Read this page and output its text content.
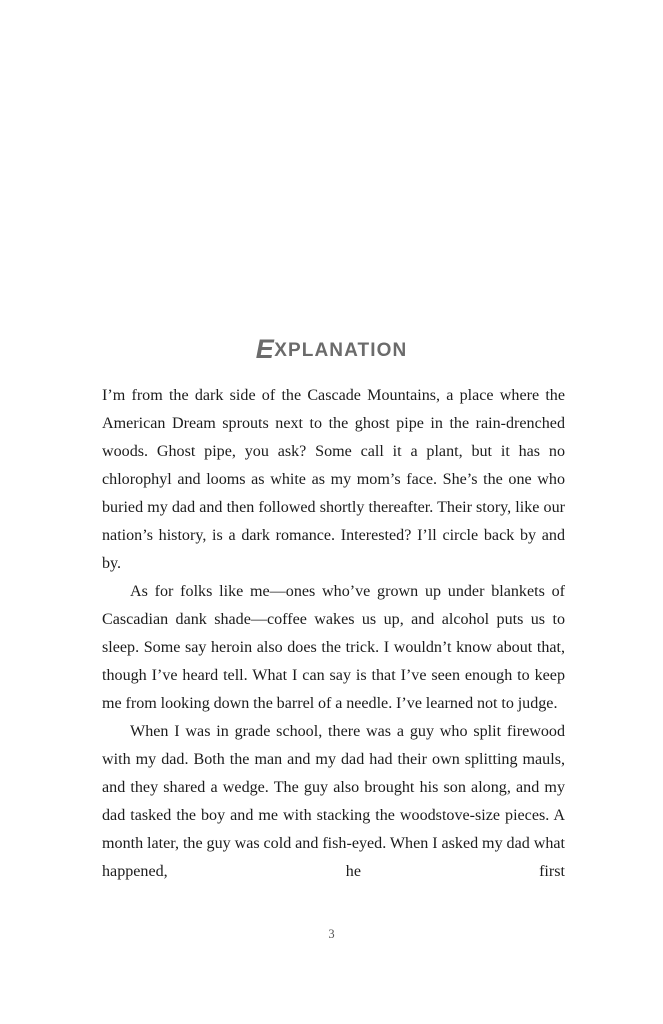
EXPLANATION

I’m from the dark side of the Cascade Mountains, a place where the American Dream sprouts next to the ghost pipe in the rain-drenched woods. Ghost pipe, you ask? Some call it a plant, but it has no chlorophyl and looms as white as my mom’s face. She’s the one who buried my dad and then followed shortly thereafter. Their story, like our nation’s history, is a dark romance. Interested? I’ll circle back by and by.

As for folks like me—ones who’ve grown up under blankets of Cascadian dank shade—coffee wakes us up, and alcohol puts us to sleep. Some say heroin also does the trick. I wouldn’t know about that, though I’ve heard tell. What I can say is that I’ve seen enough to keep me from looking down the barrel of a needle. I’ve learned not to judge.

When I was in grade school, there was a guy who split firewood with my dad. Both the man and my dad had their own splitting mauls, and they shared a wedge. The guy also brought his son along, and my dad tasked the boy and me with stacking the woodstove-size pieces. A month later, the guy was cold and fish-eyed. When I asked my dad what happened, he first

3
